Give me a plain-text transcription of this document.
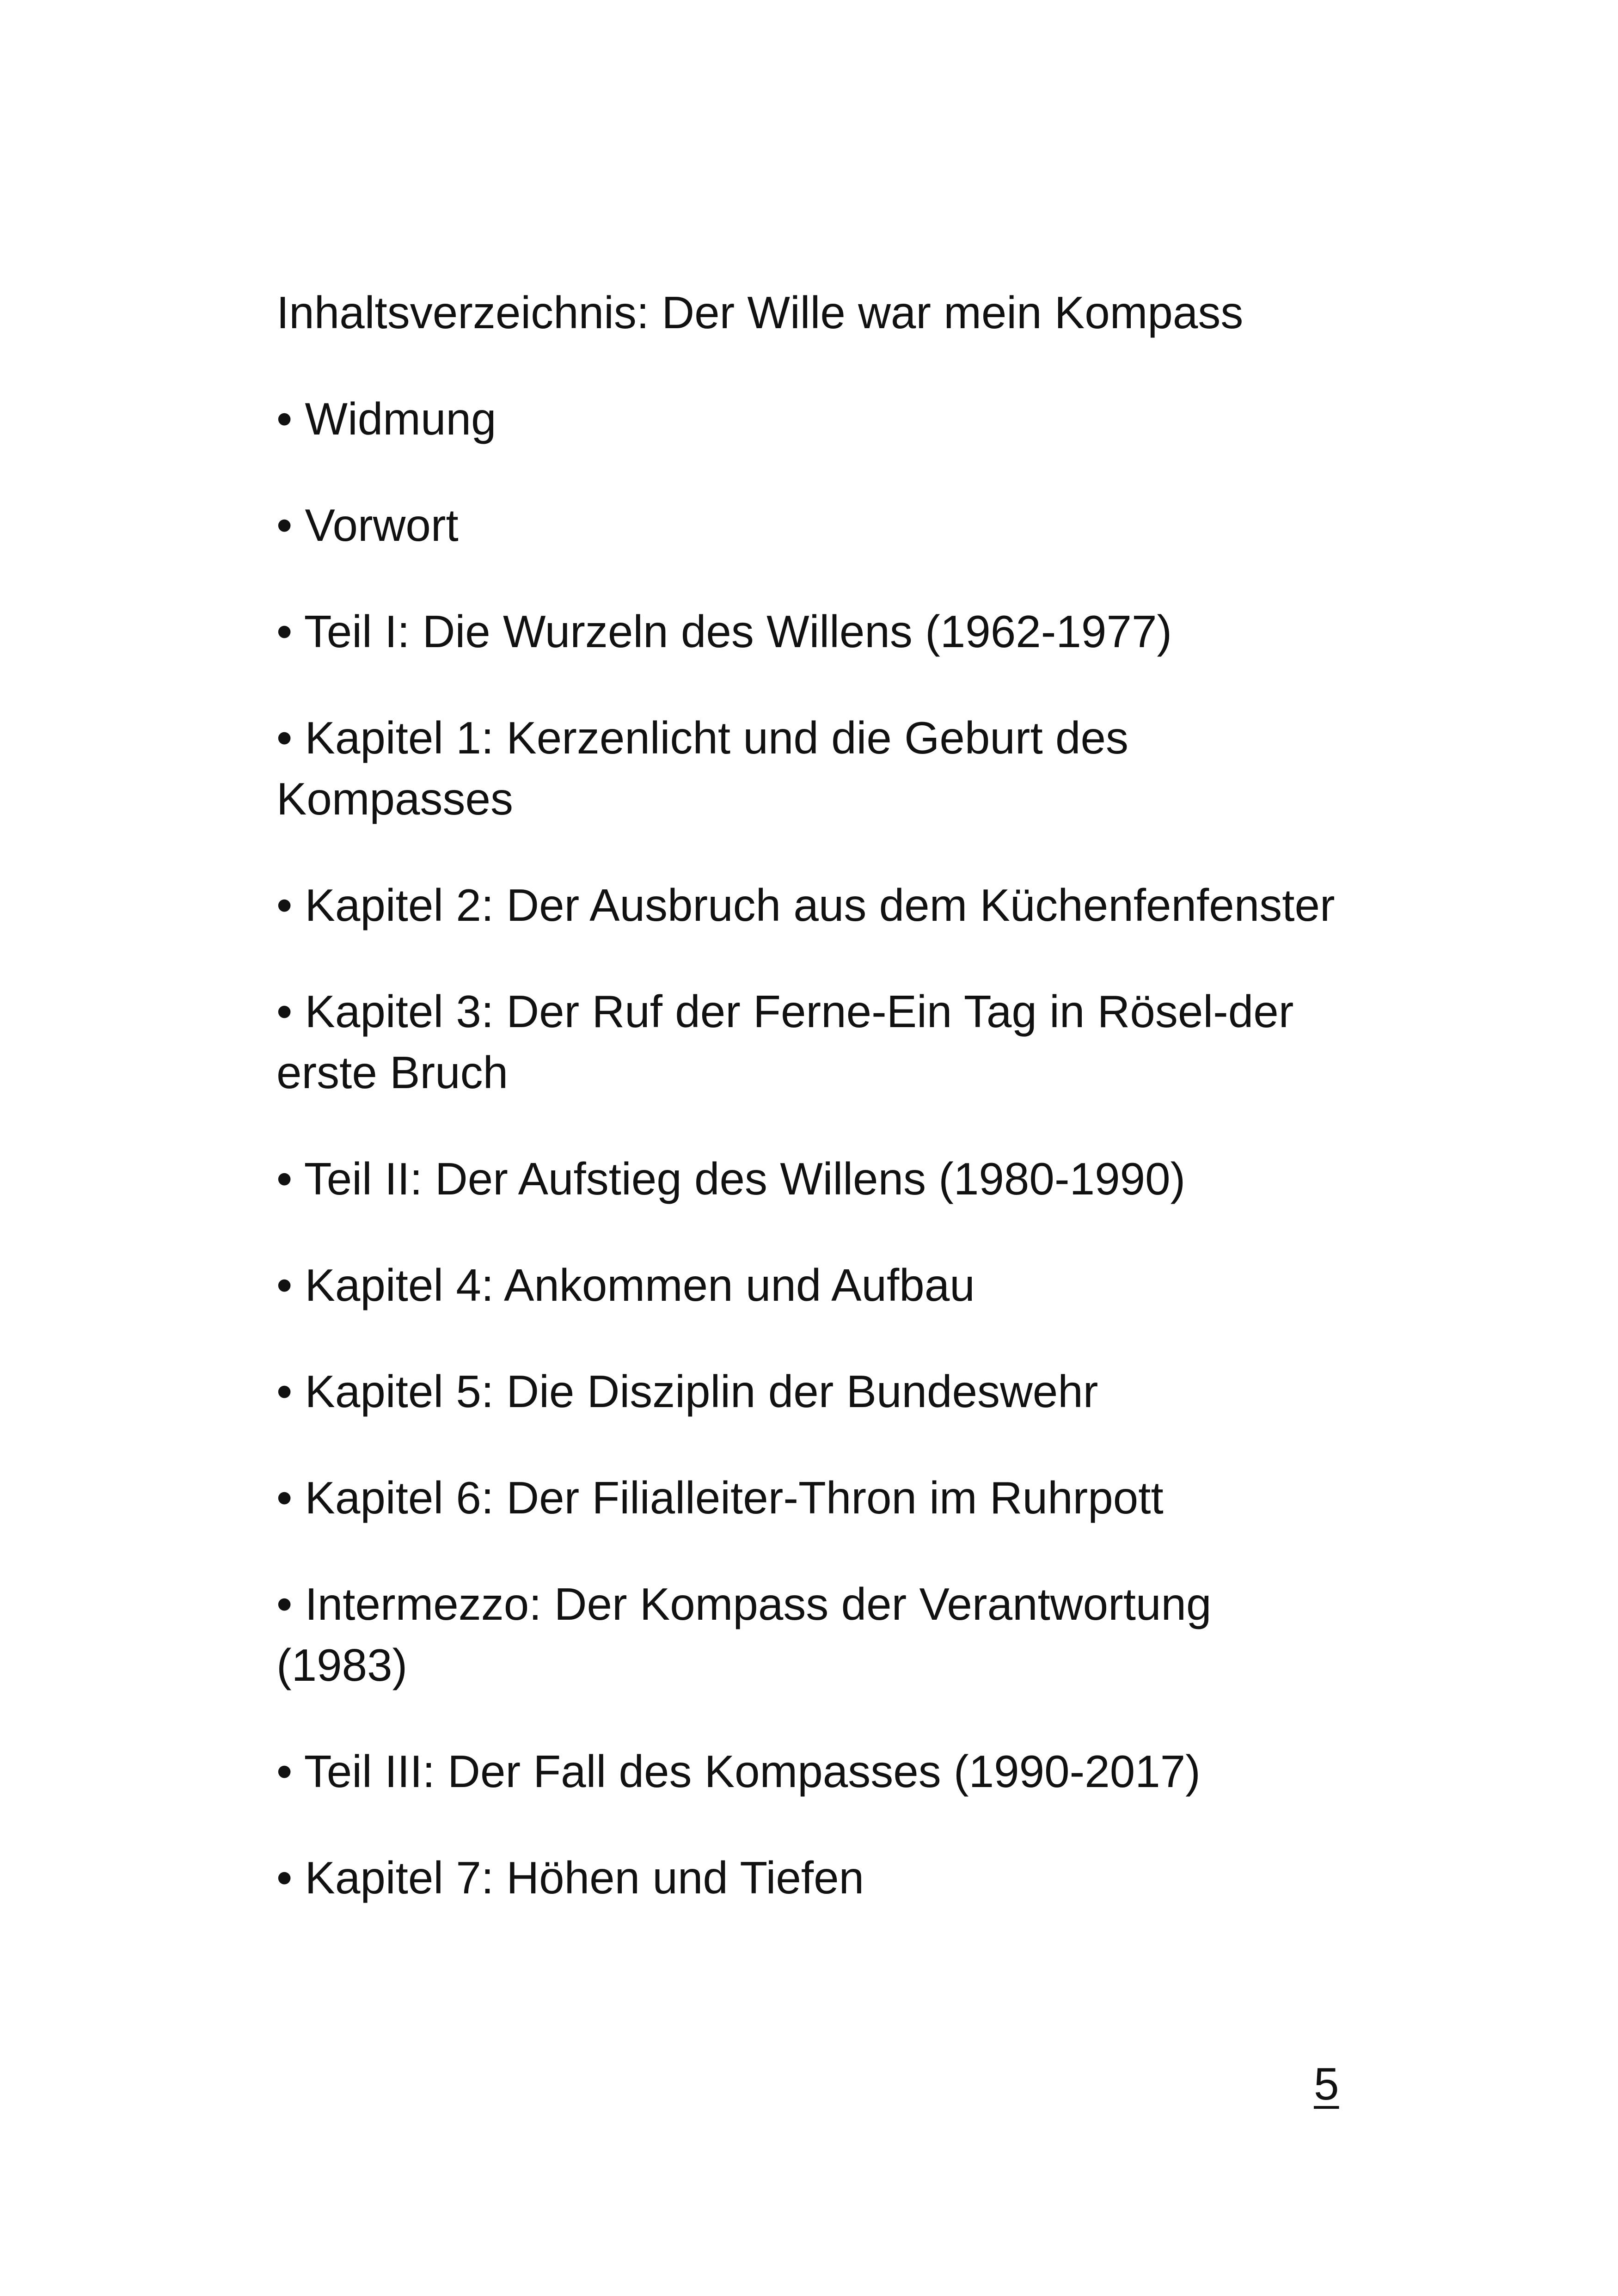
Inhaltsverzeichnis: Der Wille war mein Kompass
• Widmung
• Vorwort
• Teil I: Die Wurzeln des Willens (1962-1977)
• Kapitel 1: Kerzenlicht und die Geburt des Kompasses
• Kapitel 2: Der Ausbruch aus dem Küchenfenfenster
• Kapitel 3: Der Ruf der Ferne-Ein Tag in Rösel-der erste Bruch
• Teil II: Der Aufstieg des Willens (1980-1990)
• Kapitel 4: Ankommen und Aufbau
• Kapitel 5: Die Disziplin der Bundeswehr
• Kapitel 6: Der Filialleiter-Thron im Ruhrpott
• Intermezzo: Der Kompass der Verantwortung (1983)
• Teil III: Der Fall des Kompasses (1990-2017)
• Kapitel 7: Höhen und Tiefen
5
